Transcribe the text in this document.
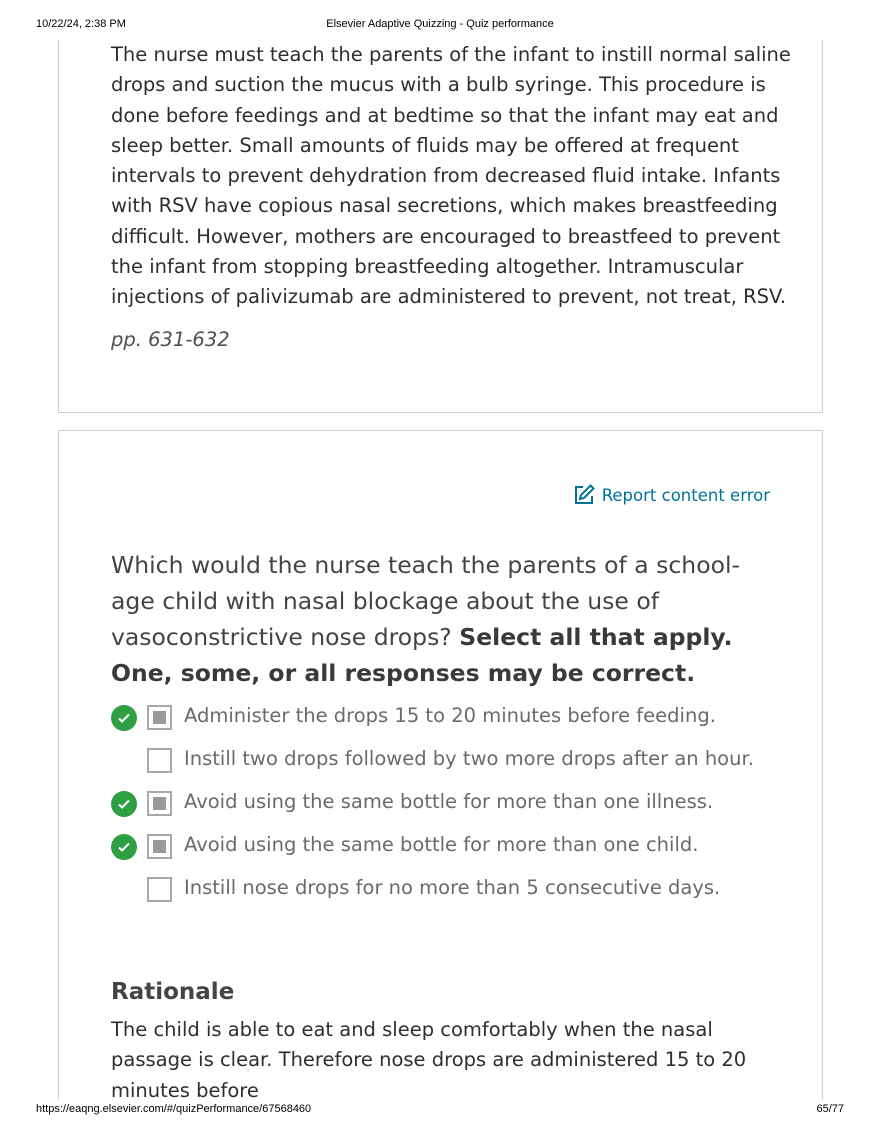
10/22/24, 2:38 PM	Elsevier Adaptive Quizzing - Quiz performance

The nurse must teach the parents of the infant to instill normal saline drops and suction the mucus with a bulb syringe. This procedure is done before feedings and at bedtime so that the infant may eat and sleep better. Small amounts of fluids may be offered at frequent intervals to prevent dehydration from decreased fluid intake. Infants with RSV have copious nasal secretions, which makes breastfeeding difficult. However, mothers are encouraged to breastfeed to prevent the infant from stopping breastfeeding altogether. Intramuscular injections of palivizumab are administered to prevent, not treat, RSV.

pp. 631-632

Report content error
Which would the nurse teach the parents of a school-age child with nasal blockage about the use of vasoconstrictive nose drops? Select all that apply. One, some, or all responses may be correct.
Administer the drops 15 to 20 minutes before feeding.
Instill two drops followed by two more drops after an hour.
Avoid using the same bottle for more than one illness.
Avoid using the same bottle for more than one child.
Instill nose drops for no more than 5 consecutive days.
Rationale

The child is able to eat and sleep comfortably when the nasal passage is clear. Therefore nose drops are administered 15 to 20 minutes before

https://eaqng.elsevier.com/#/quizPerformance/67568460	65/77
